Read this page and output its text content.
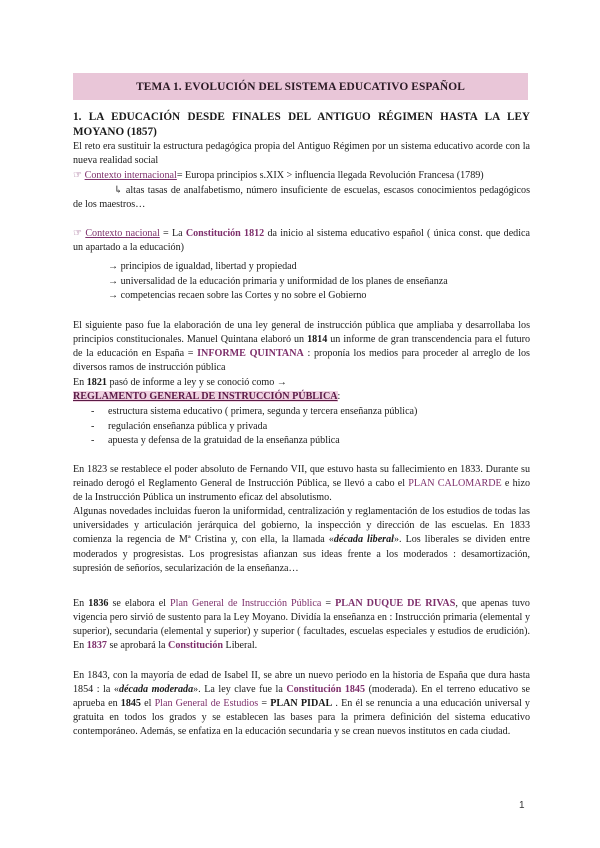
TEMA 1. EVOLUCIÓN DEL SISTEMA EDUCATIVO ESPAÑOL
1. LA EDUCACIÓN DESDE FINALES DEL ANTIGUO RÉGIMEN HASTA LA LEY MOYANO (1857)
El reto era sustituir la estructura pedagógica propia del Antiguo Régimen por un sistema educativo acorde con la nueva realidad social
☞ Contexto internacional= Europa principios s.XIX > influencia llegada Revolución Francesa (1789)
↳ altas tasas de analfabetismo, número insuficiente de escuelas, escasos conocimientos pedagógicos de los maestros…
☞ Contexto nacional = La Constitución 1812 da inicio al sistema educativo español ( única const. que dedica un apartado a la educación)
→ principios de igualdad, libertad y propiedad
→ universalidad de la educación primaria y uniformidad de los planes de enseñanza
→ competencias recaen sobre las Cortes y no sobre el Gobierno
El siguiente paso fue la elaboración de una ley general de instrucción pública que ampliaba y desarrollaba los principios constitucionales. Manuel Quintana elaboró un 1814 un informe de gran transcendencia para el futuro de la educación en España = INFORME QUINTANA : proponía los medios para proceder al arreglo de los diversos ramos de instrucción pública
En 1821 pasó de informe a ley y se conoció como →
REGLAMENTO GENERAL DE INSTRUCCIÓN PÚBLICA:
- estructura sistema educativo ( primera, segunda y tercera enseñanza pública)
- regulación enseñanza pública y privada
- apuesta y defensa de la gratuidad de la enseñanza pública
En 1823 se restablece el poder absoluto de Fernando VII, que estuvo hasta su fallecimiento en 1833. Durante su reinado derogó el Reglamento General de Instrucción Pública, se llevó a cabo el PLAN CALOMARDE e hizo de la Instrucción Pública un instrumento eficaz del absolutismo.
Algunas novedades incluidas fueron la uniformidad, centralización y reglamentación de los estudios de todas las universidades y articulación jerárquica del gobierno, la inspección y dirección de las escuelas. En 1833 comienza la regencia de Mª Cristina y, con ella, la llamada «década liberal». Los liberales se dividen entre moderados y progresistas. Los progresistas afianzan sus ideas frente a los moderados : desamortización, supresión de señoríos, secularización de la enseñanza…
En 1836 se elabora el Plan General de Instrucción Pública = PLAN DUQUE DE RIVAS, que apenas tuvo vigencia pero sirvió de sustento para la Ley Moyano. Dividía la enseñanza en : Instrucción primaria (elemental y superior), secundaria (elemental y superior) y superior ( facultades, escuelas especiales y estudios de erudición). En 1837 se aprobará la Constitución Liberal.
En 1843, con la mayoría de edad de Isabel II, se abre un nuevo periodo en la historia de España que dura hasta 1854 : la «década moderada». La ley clave fue la Constitución 1845 (moderada). En el terreno educativo se aprueba en 1845 el Plan General de Estudios = PLAN PIDAL . En él se renuncia a una educación universal y gratuita en todos los grados y se establecen las bases para la primera definición del sistema educativo contemporáneo. Además, se enfatiza en la educación secundaria y se crean nuevos institutos en cada ciudad.
1
